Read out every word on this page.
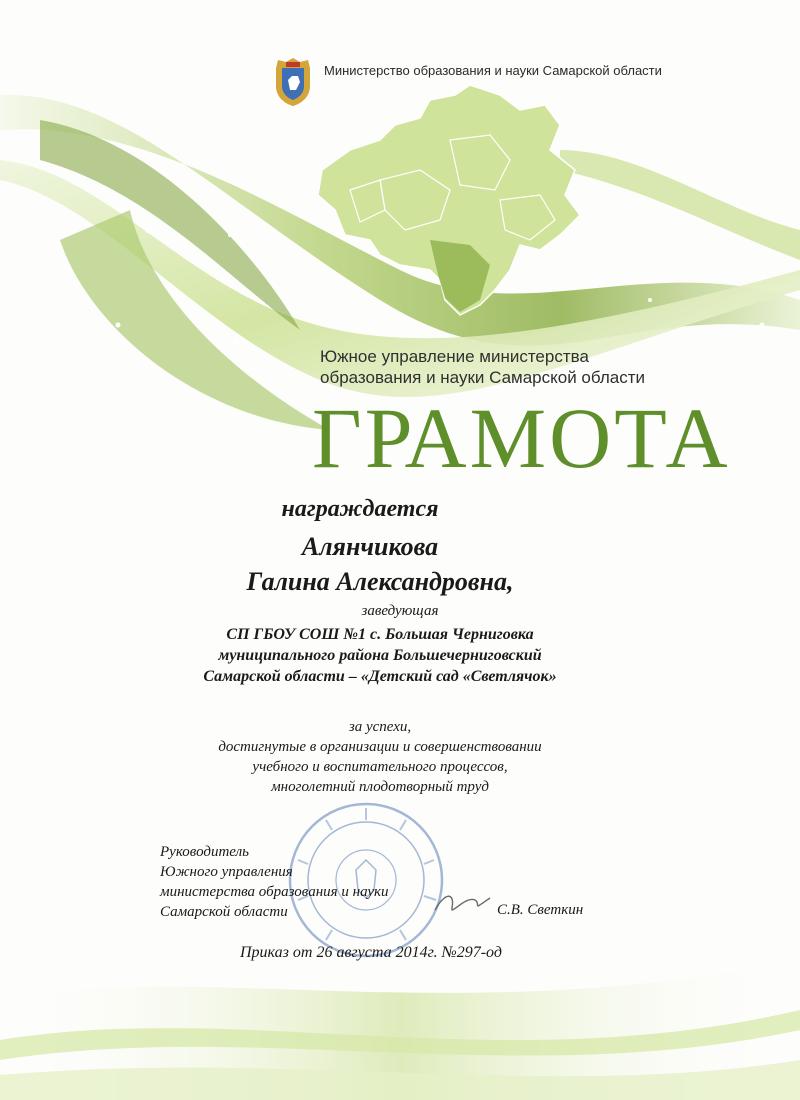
Министерство образования и науки Самарской области
Южное управление министерства
образования и науки Самарской области
ГРАМОТА
награждается
Алянчикова
Галина Александровна,
заведующая
СП ГБОУ СОШ №1 с. Большая Черниговка
муниципального района Большечерниговский
Самарской области – «Детский сад «Светлячок»
за успехи,
достигнутые в организации и совершенствовании
учебного и воспитательного процессов,
многолетний плодотворный труд
Руководитель
Южного управления
министерства образования и науки
Самарской области	С.В. Светкин
Приказ от 26 августа 2014г. №297-од
